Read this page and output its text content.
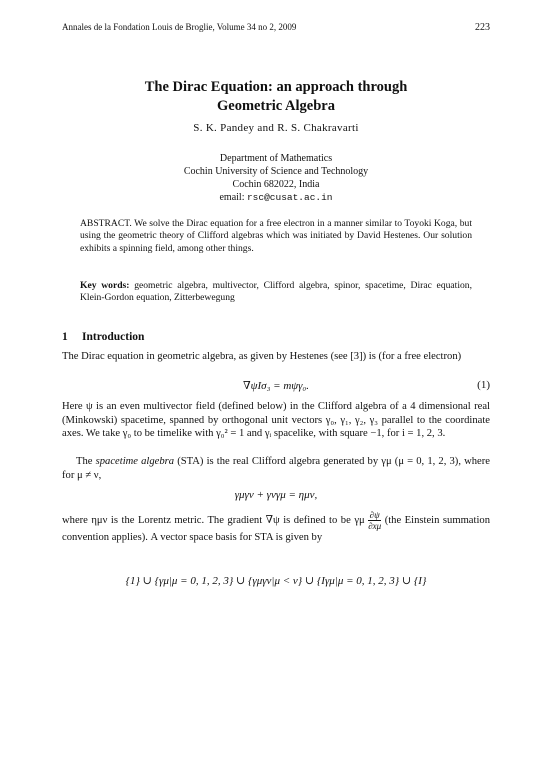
Annales de la Fondation Louis de Broglie, Volume 34 no 2, 2009	223
The Dirac Equation: an approach through
Geometric Algebra
S. K. Pandey and R. S. Chakravarti
Department of Mathematics
Cochin University of Science and Technology
Cochin 682022, India
email: rsc@cusat.ac.in
ABSTRACT. We solve the Dirac equation for a free electron in a manner similar to Toyoki Koga, but using the geometric theory of Clifford algebras which was initiated by David Hestenes. Our solution exhibits a spinning field, among other things.
Key words: geometric algebra, multivector, Clifford algebra, spinor, spacetime, Dirac equation, Klein-Gordon equation, Zitterbewegung
1 Introduction
The Dirac equation in geometric algebra, as given by Hestenes (see [3]) is (for a free electron)
∇ψIσ₃ = mψγ₀.	(1)
Here ψ is an even multivector field (defined below) in the Clifford algebra of a 4 dimensional real (Minkowski) spacetime, spanned by orthogonal unit vectors γ₀, γ₁, γ₂, γ₃ parallel to the coordinate axes. We take γ₀ to be timelike with γ₀² = 1 and γᵢ spacelike, with square −1, for i = 1, 2, 3.
The spacetime algebra (STA) is the real Clifford algebra generated by γμ (μ = 0, 1, 2, 3), where for μ ≠ ν,
γμγν + γνγμ = ημν,
where ημν is the Lorentz metric. The gradient ∇ψ is defined to be γμ $\frac{\partial\psi}{\partial x\mu} (the$ Einstein summation convention applies). A vector space basis for STA is given by
{1} ∪ {γμ|μ = 0, 1, 2, 3} ∪ {γμγν|μ < ν} ∪ {Iγμ|μ = 0, 1, 2, 3} ∪ {I}
